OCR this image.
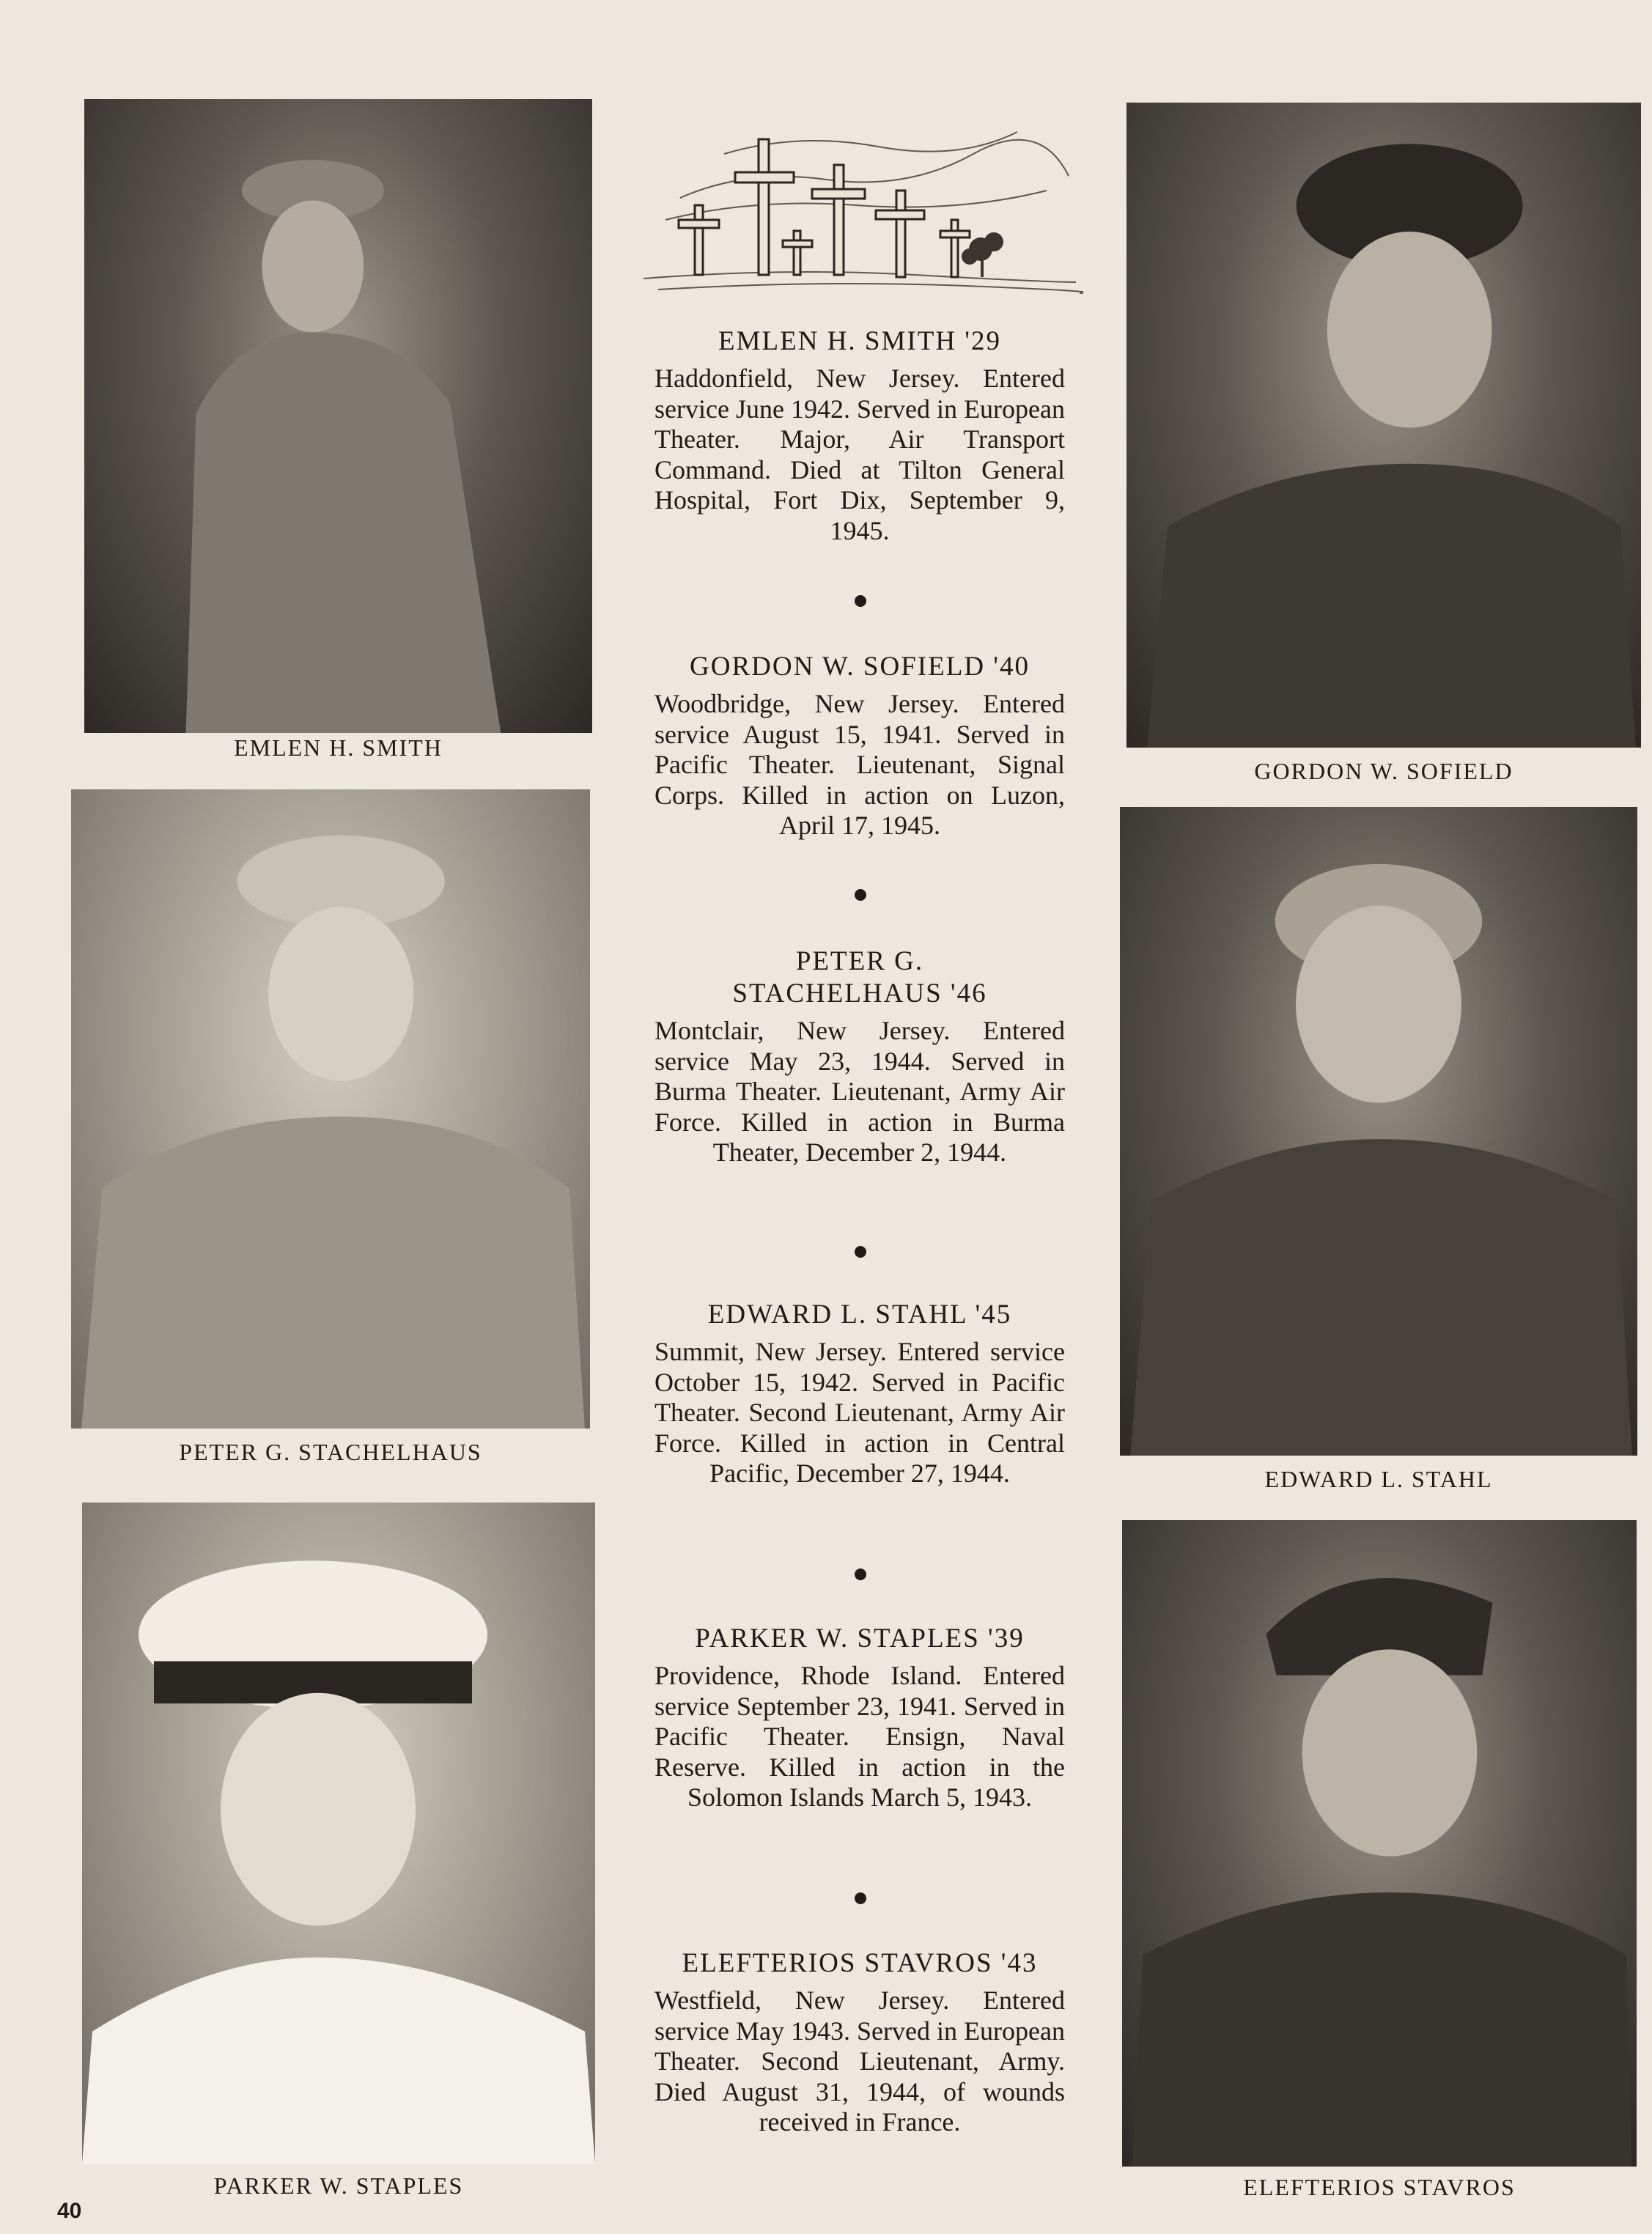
EMLEN H. SMITH
PETER G. STACHELHAUS
PARKER W. STAPLES
GORDON W. SOFIELD
EDWARD L. STAHL
ELEFTERIOS STAVROS
EMLEN H. SMITH '29
Haddonfield, New Jersey. Entered service June 1942. Served in European Theater. Major, Air Transport Command. Died at Tilton General Hospital, Fort Dix, September 9, 1945.
GORDON W. SOFIELD '40
Woodbridge, New Jersey. Entered service August 15, 1941. Served in Pacific Theater. Lieutenant, Signal Corps. Killed in action on Luzon, April 17, 1945.
PETER G. STACHELHAUS '46
Montclair, New Jersey. Entered service May 23, 1944. Served in Burma Theater. Lieutenant, Army Air Force. Killed in action in Burma Theater, December 2, 1944.
EDWARD L. STAHL '45
Summit, New Jersey. Entered service October 15, 1942. Served in Pacific Theater. Second Lieutenant, Army Air Force. Killed in action in Central Pacific, December 27, 1944.
PARKER W. STAPLES '39
Providence, Rhode Island. Entered service September 23, 1941. Served in Pacific Theater. Ensign, Naval Reserve. Killed in action in the Solomon Islands March 5, 1943.
ELEFTERIOS STAVROS '43
Westfield, New Jersey. Entered service May 1943. Served in European Theater. Second Lieutenant, Army. Died August 31, 1944, of wounds received in France.
40
